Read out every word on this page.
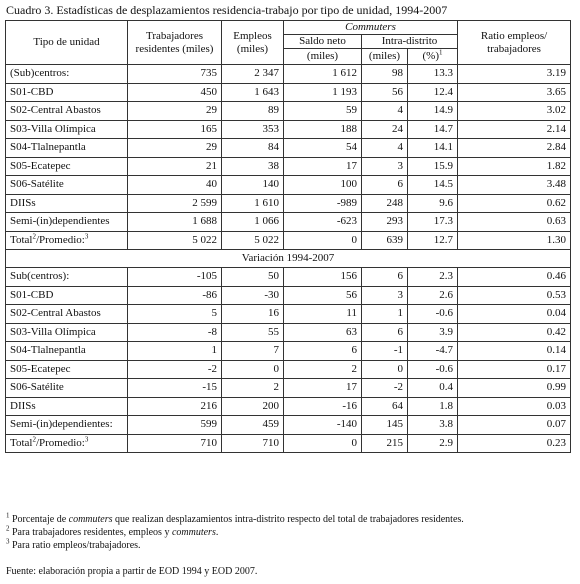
Cuadro 3. Estadísticas de desplazamientos residencia-trabajo por tipo de unidad, 1994-2007
Tipo de unidad	Trabajadores residentes (miles)	Empleos (miles)	Commuters			Ratio empleos/ trabajadores
			Saldo neto	Intra-distrito		
			(miles)	(miles)	(%)$^1$
(Sub)centros:	735	2 347	1 612	98	13.3	3.19
S01-CBD	450	1 643	1 193	56	12.4	3.65
S02-Central Abastos	29	89	59	4	14.9	3.02
S03-Villa Olímpica	165	353	188	24	14.7	2.14
S04-Tlalnepantla	29	84	54	4	14.1	2.84
S05-Ecatepec	21	38	17	3	15.9	1.82
S06-Satélite	40	140	100	6	14.5	3.48
DIISs	2 599	1 610	-989	248	9.6	0.62
Semi-(in)dependientes	1 688	1 066	-623	293	17.3	0.63
Total$^2$/Promedio:$^3$	5 022	5 022	0	639	12.7	1.30
Variación 1994-2007						
Sub(centros):	-105	50	156	6	2.3	0.46
S01-CBD	-86	-30	56	3	2.6	0.53
S02-Central Abastos	5	16	11	1	-0.6	0.04
S03-Villa Olímpica	-8	55	63	6	3.9	0.42
S04-Tlalnepantla	1	7	6	-1	-4.7	0.14
S05-Ecatepec	-2	0	2	0	-0.6	0.17
S06-Satélite	-15	2	17	-2	0.4	0.99
DIISs	216	200	-16	64	1.8	0.03
Semi-(in)dependientes:	599	459	-140	145	3.8	0.07
Total$^2$/Promedio:$^3$	710	710	0	215	2.9	0.23
$^1$ Porcentaje de commuters que realizan desplazamientos intra-distrito respecto del total de trabajadores residentes.
$^2$ Para trabajadores residentes, empleos y commuters.
$^3$ Para ratio empleos/trabajadores.
Fuente: elaboración propia a partir de EOD 1994 y EOD 2007.
